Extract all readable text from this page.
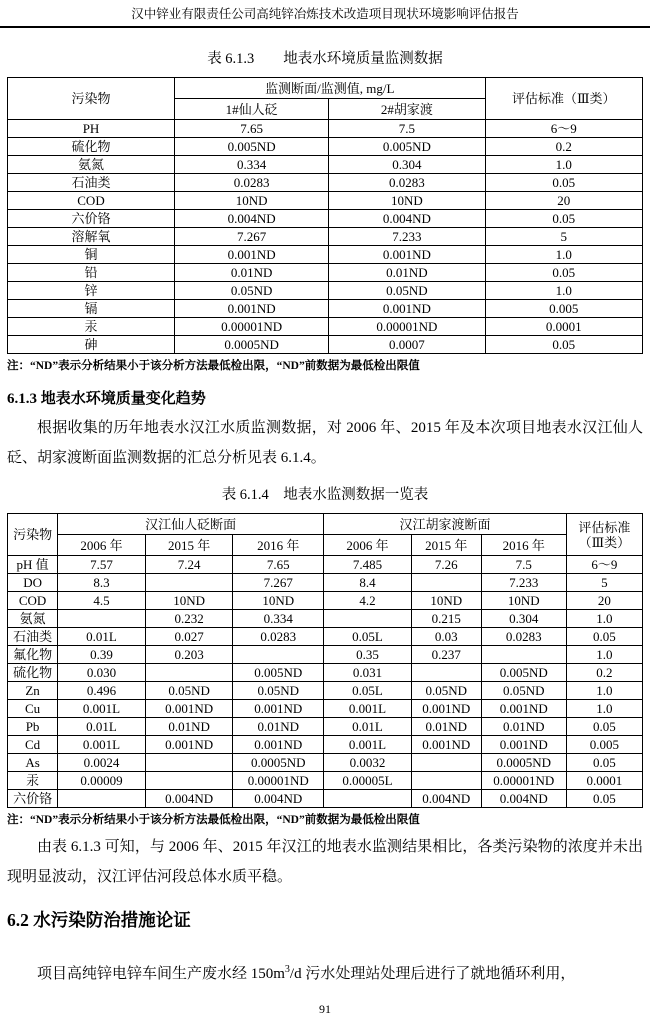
汉中锌业有限责任公司高纯锌冶炼技术改造项目现状环境影响评估报告
表 6.1.3　　地表水环境质量监测数据
污染物	监测断面/监测值, mg/L		评估标准（Ⅲ类）
	1#仙人砭	2#胡家渡	
PH	7.65	7.5	6～9
硫化物	0.005ND	0.005ND	0.2
氨氮	0.334	0.304	1.0
石油类	0.0283	0.0283	0.05
COD	10ND	10ND	20
六价铬	0.004ND	0.004ND	0.05
溶解氧	7.267	7.233	5
铜	0.001ND	0.001ND	1.0
铅	0.01ND	0.01ND	0.05
锌	0.05ND	0.05ND	1.0
镉	0.001ND	0.001ND	0.005
汞	0.00001ND	0.00001ND	0.0001
砷	0.0005ND	0.0007	0.05
注：“ND”表示分析结果小于该分析方法最低检出限，“ND”前数据为最低检出限值
6.1.3 地表水环境质量变化趋势
根据收集的历年地表水汉江水质监测数据，对 2006 年、2015 年及本次项目地表水汉江仙人砭、胡家渡断面监测数据的汇总分析见表 6.1.4。
表 6.1.4　地表水监测数据一览表
污染物	汉江仙人砭断面			汉江胡家渡断面			评估标准
（Ⅲ类）

	2006 年	2015 年	2016 年	2006 年	2015 年	2016 年	
pH 值	7.57	7.24	7.65	7.485	7.26	7.5	6～9
DO	8.3		7.267	8.4		7.233	5
COD	4.5	10ND	10ND	4.2	10ND	10ND	20
氨氮		0.232	0.334		0.215	0.304	1.0
石油类	0.01L	0.027	0.0283	0.05L	0.03	0.0283	0.05
氟化物	0.39	0.203		0.35	0.237		1.0
硫化物	0.030		0.005ND	0.031		0.005ND	0.2
Zn	0.496	0.05ND	0.05ND	0.05L	0.05ND	0.05ND	1.0
Cu	0.001L	0.001ND	0.001ND	0.001L	0.001ND	0.001ND	1.0
Pb	0.01L	0.01ND	0.01ND	0.01L	0.01ND	0.01ND	0.05
Cd	0.001L	0.001ND	0.001ND	0.001L	0.001ND	0.001ND	0.005
As	0.0024		0.0005ND	0.0032		0.0005ND	0.05
汞	0.00009		0.00001ND	0.00005L		0.00001ND	0.0001
六价铬		0.004ND	0.004ND		0.004ND	0.004ND	0.05
注：“ND”表示分析结果小于该分析方法最低检出限，“ND”前数据为最低检出限值
由表 6.1.3 可知，与 2006 年、2015 年汉江的地表水监测结果相比，各类污染物的浓度并未出现明显波动，汉江评估河段总体水质平稳。
6.2 水污染防治措施论证
项目高纯锌电锌车间生产废水经 $150m^3/d$ 污水处理站处理后进行了就地循环利用，
91
